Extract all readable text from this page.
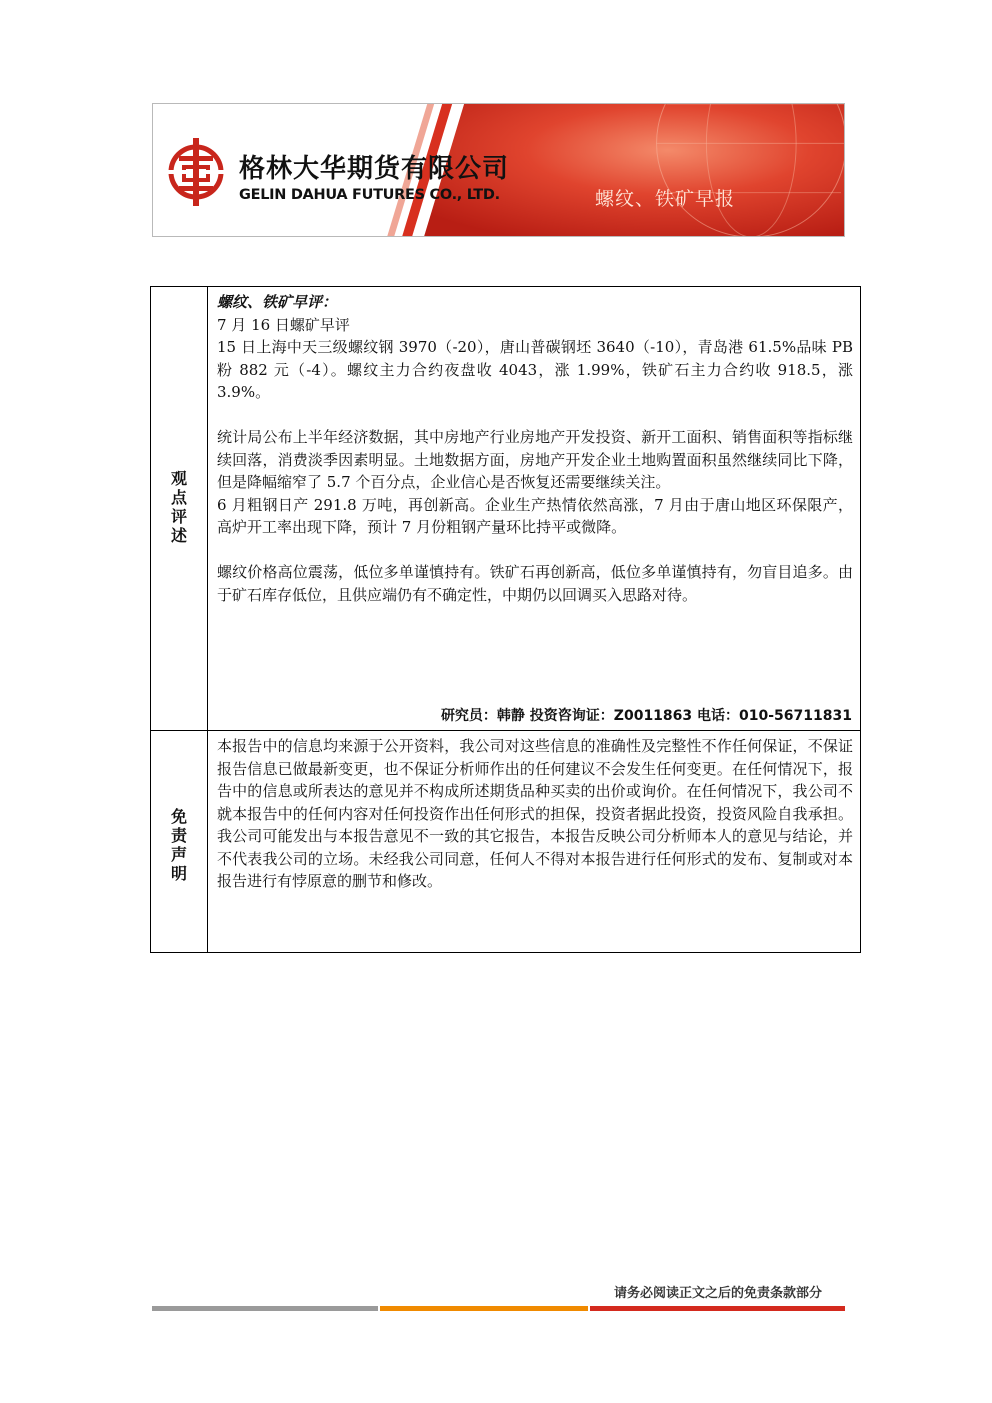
格林大华期货有限公司
GELIN DAHUA FUTURES CO., LTD.	螺纹、铁矿早报
观
点
评
述

螺纹、铁矿早评：

7 月 16 日螺矿早评

15 日上海中天三级螺纹钢 3970（-20），唐山普碳钢坯 3640（-10），青岛港 61.5%品味 PB 粉 882 元（-4）。螺纹主力合约夜盘收 4043，涨 1.99%，铁矿石主力合约收 918.5，涨 3.9%。

统计局公布上半年经济数据，其中房地产行业房地产开发投资、新开工面积、销售面积等指标继续回落，消费淡季因素明显。土地数据方面，房地产开发企业土地购置面积虽然继续同比下降，但是降幅缩窄了 5.7 个百分点，企业信心是否恢复还需要继续关注。

6 月粗钢日产 291.8 万吨，再创新高。企业生产热情依然高涨，7 月由于唐山地区环保限产，高炉开工率出现下降，预计 7 月份粗钢产量环比持平或微降。

螺纹价格高位震荡，低位多单谨慎持有。铁矿石再创新高，低位多单谨慎持有，勿盲目追多。由于矿石库存低位，且供应端仍有不确定性，中期仍以回调买入思路对待。

研究员：韩静 投资咨询证：Z0011863 电话：010-56711831
免
责
声
明

本报告中的信息均来源于公开资料，我公司对这些信息的准确性及完整性不作任何保证，不保证报告信息已做最新变更，也不保证分析师作出的任何建议不会发生任何变更。在任何情况下，报告中的信息或所表达的意见并不构成所述期货品种买卖的出价或询价。在任何情况下，我公司不就本报告中的任何内容对任何投资作出任何形式的担保，投资者据此投资，投资风险自我承担。我公司可能发出与本报告意见不一致的其它报告，本报告反映公司分析师本人的意见与结论，并不代表我公司的立场。未经我公司同意，任何人不得对本报告进行任何形式的发布、复制或对本报告进行有悖原意的删节和修改。

请务必阅读正文之后的免责条款部分
